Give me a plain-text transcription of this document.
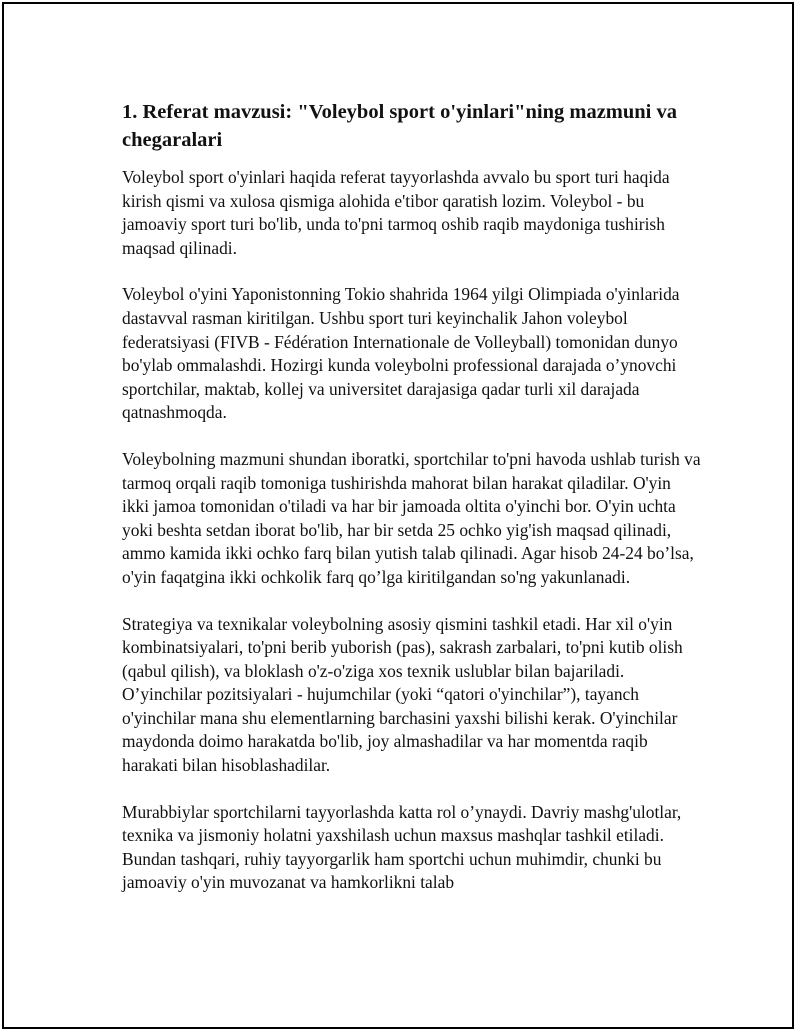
1. Referat mavzusi: "Voleybol sport o'yinlari"ning mazmuni va chegaralari

Voleybol sport o'yinlari haqida referat tayyorlashda avvalo bu sport turi haqida kirish qismi va xulosa qismiga alohida e'tibor qaratish lozim. Voleybol - bu jamoaviy sport turi bo'lib, unda to'pni tarmoq oshib raqib maydoniga tushirish maqsad qilinadi.

Voleybol o'yini Yaponistonning Tokio shahrida 1964 yilgi Olimpiada o'yinlarida dastavval rasman kiritilgan. Ushbu sport turi keyinchalik Jahon voleybol federatsiyasi (FIVB - Fédération Internationale de Volleyball) tomonidan dunyo bo'ylab ommalashdi. Hozirgi kunda voleybolni professional darajada o’ynovchi sportchilar, maktab, kollej va universitet darajasiga qadar turli xil darajada qatnashmoqda.

Voleybolning mazmuni shundan iboratki, sportchilar to'pni havoda ushlab turish va tarmoq orqali raqib tomoniga tushirishda mahorat bilan harakat qiladilar. O'yin ikki jamoa tomonidan o'tiladi va har bir jamoada oltita o'yinchi bor. O'yin uchta yoki beshta setdan iborat bo'lib, har bir setda 25 ochko yig'ish maqsad qilinadi, ammo kamida ikki ochko farq bilan yutish talab qilinadi. Agar hisob 24-24 bo’lsa, o'yin faqatgina ikki ochkolik farq qo’lga kiritilgandan so'ng yakunlanadi.

Strategiya va texnikalar voleybolning asosiy qismini tashkil etadi. Har xil o'yin kombinatsiyalari, to'pni berib yuborish (pas), sakrash zarbalari, to'pni kutib olish (qabul qilish), va bloklash o'z-o'ziga xos texnik uslublar bilan bajariladi. O’yinchilar pozitsiyalari - hujumchilar (yoki “qatori o'yinchilar”), tayanch o'yinchilar mana shu elementlarning barchasini yaxshi bilishi kerak. O'yinchilar maydonda doimo harakatda bo'lib, joy almashadilar va har momentda raqib harakati bilan hisoblashadilar.

Murabbiylar sportchilarni tayyorlashda katta rol o’ynaydi. Davriy mashg'ulotlar, texnika va jismoniy holatni yaxshilash uchun maxsus mashqlar tashkil etiladi. Bundan tashqari, ruhiy tayyorgarlik ham sportchi uchun muhimdir, chunki bu jamoaviy o'yin muvozanat va hamkorlikni talab
